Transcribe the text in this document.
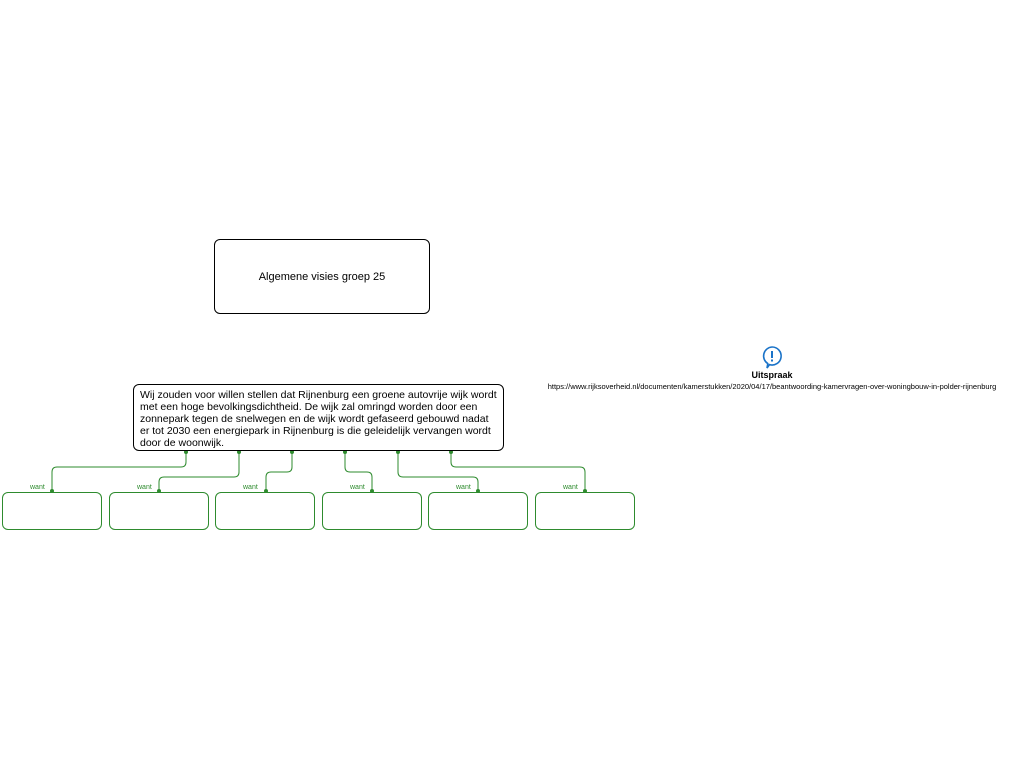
Algemene visies groep 25
Wij zouden voor willen stellen dat Rijnenburg een groene autovrije wijk wordt met een hoge bevolkingsdichtheid. De wijk zal omringd worden door een zonnepark tegen de snelwegen en de wijk wordt gefaseerd gebouwd nadat er tot 2030 een energiepark in Rijnenburg is die geleidelijk vervangen wordt door de woonwijk.
want	want	want	want	want	want
Uitspraak
https://www.rijksoverheid.nl/documenten/kamerstukken/2020/04/17/beantwoording-kamervragen-over-woningbouw-in-polder-rijnenburg
